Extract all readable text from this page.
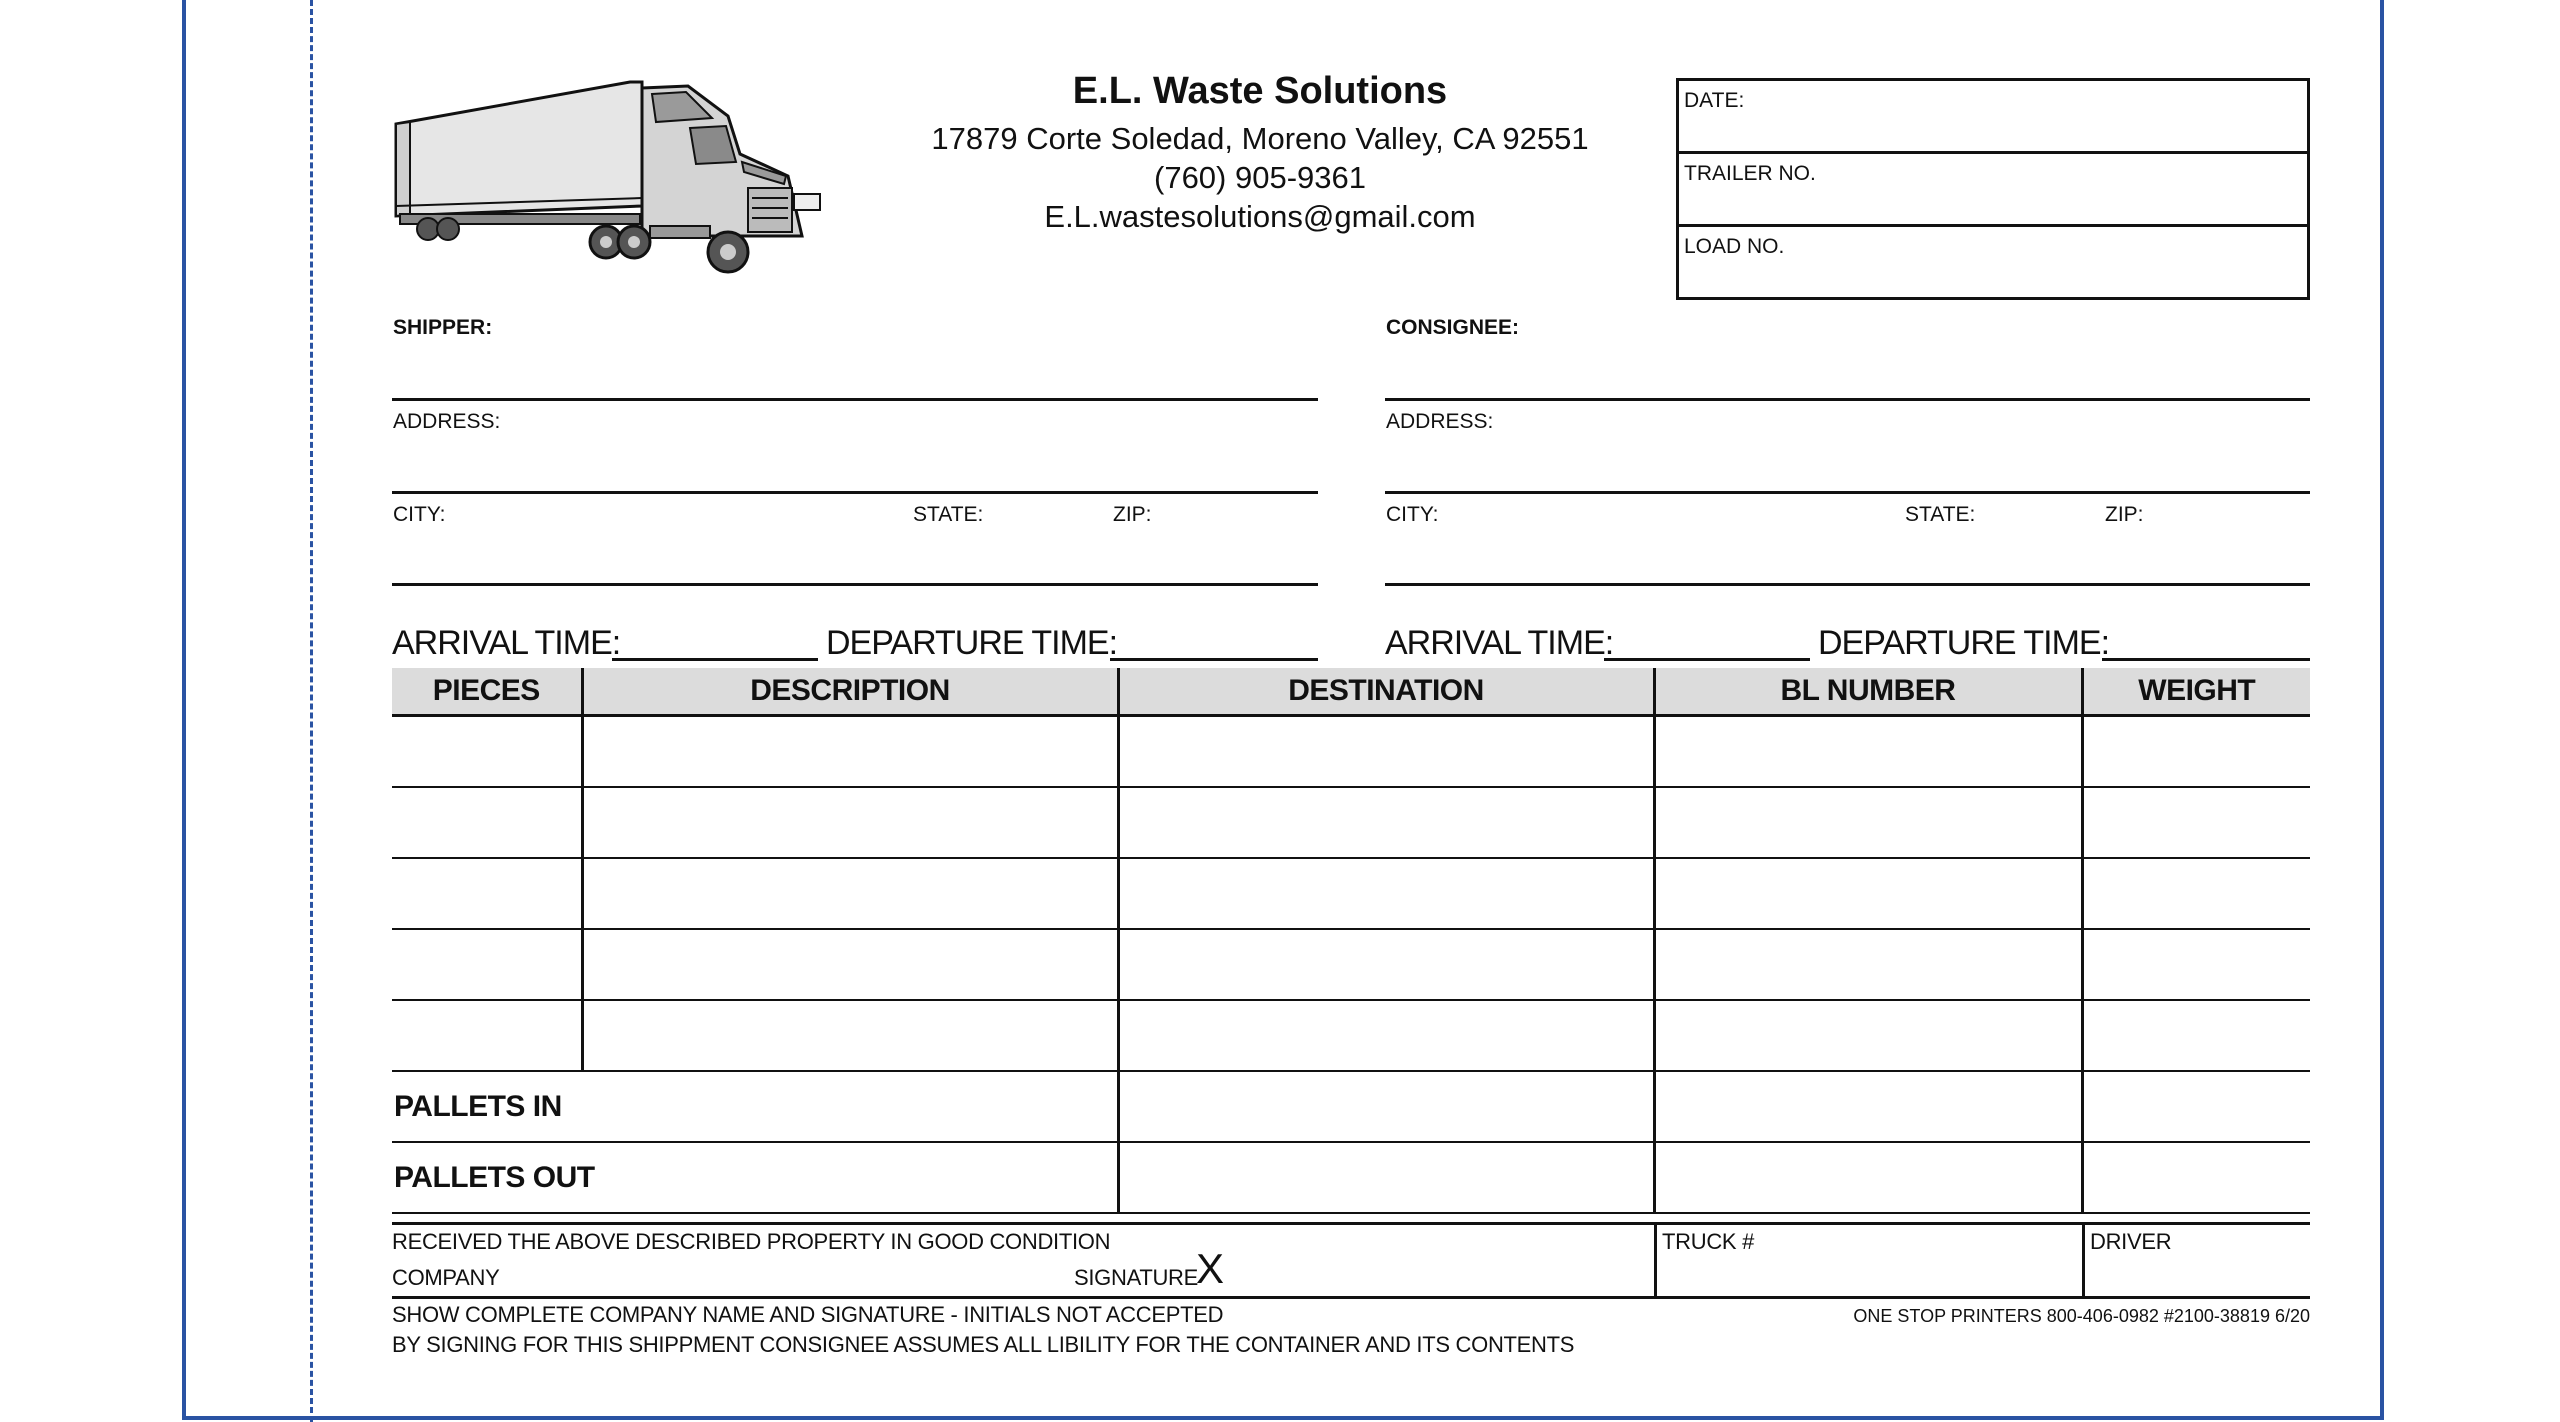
E.L. Waste Solutions
17879 Corte Soledad, Moreno Valley, CA 92551
(760) 905-9361
E.L.wastesolutions@gmail.com
DATE:
TRAILER NO.
LOAD NO.
SHIPPER:
ADDRESS:
CITY:	STATE:	ZIP:
CONSIGNEE:
ADDRESS:
CITY:	STATE:	ZIP:
ARRIVAL TIME:	DEPARTURE TIME:	ARRIVAL TIME:	DEPARTURE TIME:
PIECES	DESCRIPTION	DESTINATION	BL NUMBER	WEIGHT

PALLETS IN				
PALLETS OUT				
RECEIVED THE ABOVE DESCRIBED PROPERTY IN GOOD CONDITION
COMPANY	SIGNATURE
X
TRUCK #	DRIVER
SHOW COMPLETE COMPANY NAME AND SIGNATURE - INITIALS NOT ACCEPTED
BY SIGNING FOR THIS SHIPPMENT CONSIGNEE ASSUMES ALL LIBILITY FOR THE CONTAINER AND ITS CONTENTS
ONE STOP PRINTERS 800-406-0982 #2100-38819 6/20
